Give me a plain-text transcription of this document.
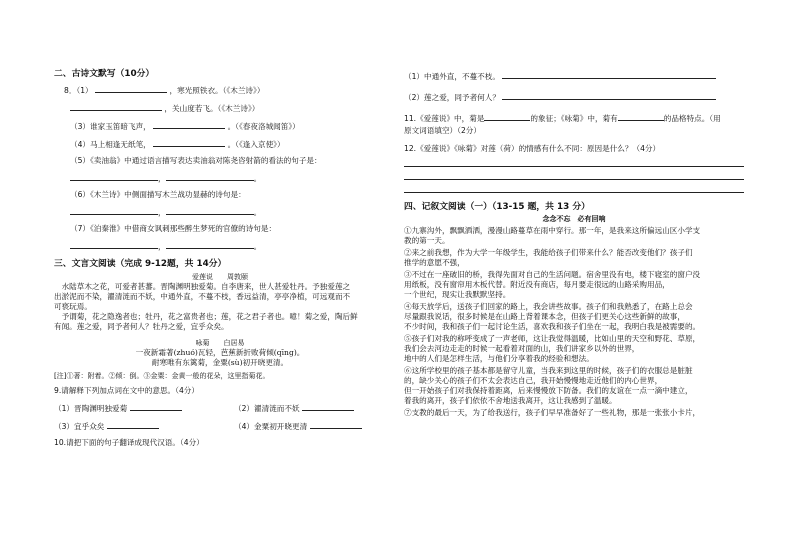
二、古诗文默写（10分）
8．（1）	，寒光照铁衣。（《木兰诗》）
，关山度若飞。（《木兰诗》）
（3）谁家玉笛暗飞声，	。（《春夜洛城闻笛》）
（4）马上相逢无纸笔，	。（《逢入京使》）
（5）《卖油翁》中通过语言描写表达卖油翁对陈尧咨射箭的看法的句子是：
，	。
（6）《木兰诗》中侧面描写木兰战功显赫的诗句是：
，	。
（7）《泊秦淮》中借商女讽刺那些醉生梦死的官僚的诗句是：
，	。
三、文言文阅读（完成 9-12题，共 14分）
爱莲说　　周敦颐
　水陆草木之花，可爱者甚蕃。晋陶渊明独爱菊。自李唐来，世人甚爱牡丹。予独爱莲之
出淤泥而不染，濯清涟而不妖，中通外直，不蔓不枝，香远益清，亭亭净植，可远观而不
可亵玩焉。
　予谓菊，花之隐逸者也；牡丹，花之富贵者也；莲，花之君子者也。噫！菊之爱，陶后鲜
有闻。莲之爱，同予者何人？牡丹之爱，宜乎众矣。
咏菊　　白居易
一夜新霜著(zhuó)瓦轻，芭蕉新折败荷倾(qīng)。
耐寒唯有东篱菊，金粟(sù)初开晓更清。
[注]①著：附着。②倾：倒。③金粟：金黄一般的花朵，这里指菊花。
9.请解释下列加点词在文中的意思。（4分）
（1）晋陶渊明独爱菊	（2）濯清涟而不妖
（3）宜乎众矣	（4）金粟初开晓更清
10.请把下面的句子翻译成现代汉语。（4分）
（1）中通外直，不蔓不枝。
（2）莲之爱，同予者何人？
11.《爱莲说》中，菊是	的象征；《咏菊》中，菊有	的品格特点。（用
原文词语填空）（2分）
12.《爱莲说》《咏菊》对莲（荷）的情感有什么不同：原因是什么？（4分）
四、记叙文阅读（一）（13-15 题，共 13 分）
念念不忘　必有回响
①九寨沟外，飘飘洒洒，漫漫山路蔓草在雨中穿行。那一年，是我来这所偏远山区小学支
教的第一天。
②来之前我想，作为大学一年级学生，我能给孩子们带来什么？能否改变他们？孩子们
推学的意愿不强，
③不过在一座破旧的桥，我得先面对自己的生活问题。宿舍里没有电，楼下寝室的窗户没
用纸板，没有窗帘用木板代替。附近没有商店，每月要走很远的山路采购用品，
一个世纪，现实让我默默坚持。
④每天放学后，送孩子们回家的路上，我会讲些故事。孩子们和我熟悉了，在路上总会
尽量跟我说话，很多时候是在山路上背着课本念，但孩子们更关心这些新鲜的故事，
不少时间，我和孩子们一起讨论生活，喜欢我和孩子们坐在一起，我明白我是被需要的。
⑤孩子们对我的称呼变成了一声老师，这让我觉得温暖，比如山里的天空和野花、草原，
我们会去河边走走的时候一起看着对面的山，我们讲家乡以外的世界，
地中的人们是怎样生活，与他们分享着我的经验和想法。
⑥这所学校里的孩子基本都是留守儿童，当我来到这里的时候，孩子们的衣服总是脏脏
的，缺少关心的孩子们不太会表达自己，我开始慢慢地走近他们的内心世界，
但一开始孩子们对我保持着距离，后来慢慢放下防备。我们的友谊在一点一滴中建立，
着我的离开，孩子们依依不舍地送我离开，这让我感到了温暖。
⑦支教的最后一天，为了给我送行，孩子们早早准备好了一些礼物，那是一张张小卡片，
